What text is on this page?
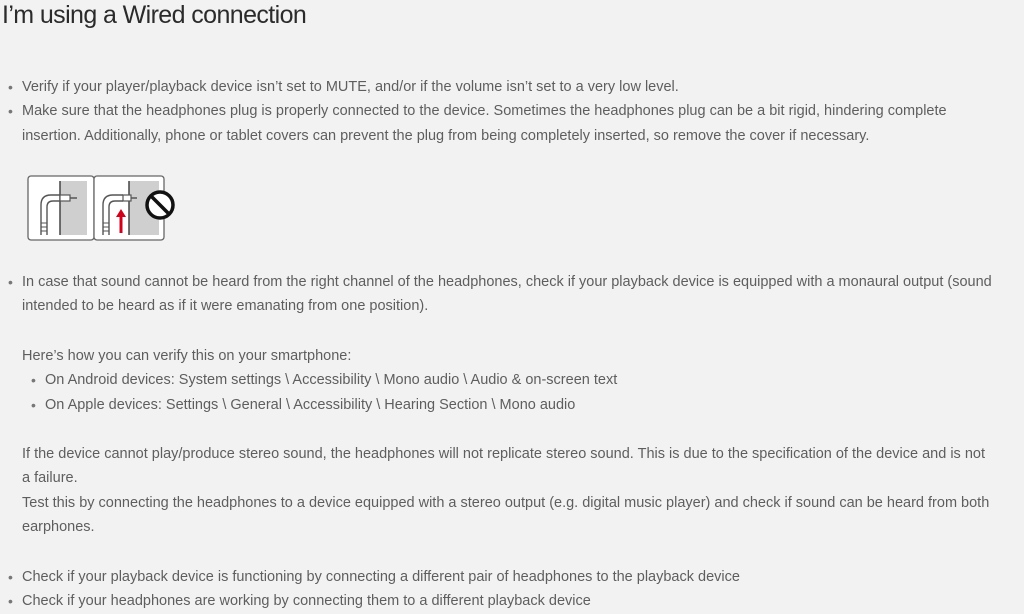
I’m using a Wired connection
• Verify if your player/playback device isn’t set to MUTE, and/or if the volume isn’t set to a very low level.
• Make sure that the headphones plug is properly connected to the device. Sometimes the headphones plug can be a bit rigid, hindering complete
insertion. Additionally, phone or tablet covers can prevent the plug from being completely inserted, so remove the cover if necessary.
• In case that sound cannot be heard from the right channel of the headphones, check if your playback device is equipped with a monaural output (sound
intended to be heard as if it were emanating from one position).
Here’s how you can verify this on your smartphone:
• On Android devices: System settings \ Accessibility \ Mono audio \ Audio & on-screen text
• On Apple devices: Settings \ General \ Accessibility \ Hearing Section \ Mono audio
If the device cannot play/produce stereo sound, the headphones will not replicate stereo sound. This is due to the specification of the device and is not
a failure.
Test this by connecting the headphones to a device equipped with a stereo output (e.g. digital music player) and check if sound can be heard from both
earphones.
• Check if your playback device is functioning by connecting a different pair of headphones to the playback device
• Check if your headphones are working by connecting them to a different playback device
